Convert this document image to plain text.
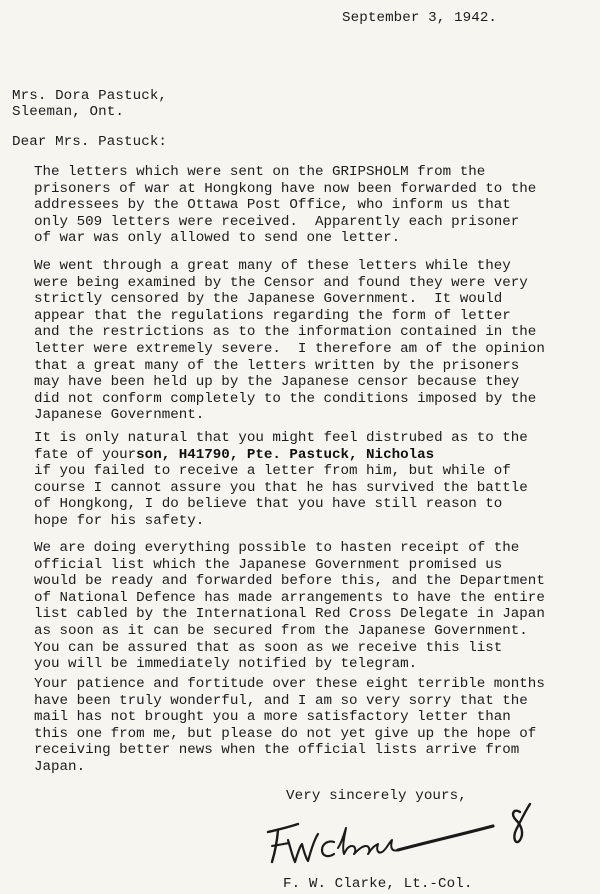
September 3, 1942.
Mrs. Dora Pastuck,
Sleeman, Ont.
Dear Mrs. Pastuck:
The letters which were sent on the GRIPSHOLM from the
prisoners of war at Hongkong have now been forwarded to the
addressees by the Ottawa Post Office, who inform us that
only 509 letters were received.  Apparently each prisoner
of war was only allowed to send one letter.
We went through a great many of these letters while they
were being examined by the Censor and found they were very
strictly censored by the Japanese Government.  It would
appear that the regulations regarding the form of letter
and the restrictions as to the information contained in the
letter were extremely severe.  I therefore am of the opinion
that a great many of the letters written by the prisoners
may have been held up by the Japanese censor because they
did not conform completely to the conditions imposed by the
Japanese Government.
It is only natural that you might feel distrubed as to the
fate of yourson, H41790, Pte. Pastuck, Nicholas
if you failed to receive a letter from him, but while of
course I cannot assure you that he has survived the battle
of Hongkong, I do believe that you have still reason to
hope for his safety.
We are doing everything possible to hasten receipt of the
official list which the Japanese Government promised us
would be ready and forwarded before this, and the Department
of National Defence has made arrangements to have the entire
list cabled by the International Red Cross Delegate in Japan
as soon as it can be secured from the Japanese Government.
You can be assured that as soon as we receive this list
you will be immediately notified by telegram.
Your patience and fortitude over these eight terrible months
have been truly wonderful, and I am so very sorry that the
mail has not brought you a more satisfactory letter than
this one from me, but please do not yet give up the hope of
receiving better news when the official lists arrive from
Japan.
Very sincerely yours,
F. W. Clarke, Lt.-Col.
